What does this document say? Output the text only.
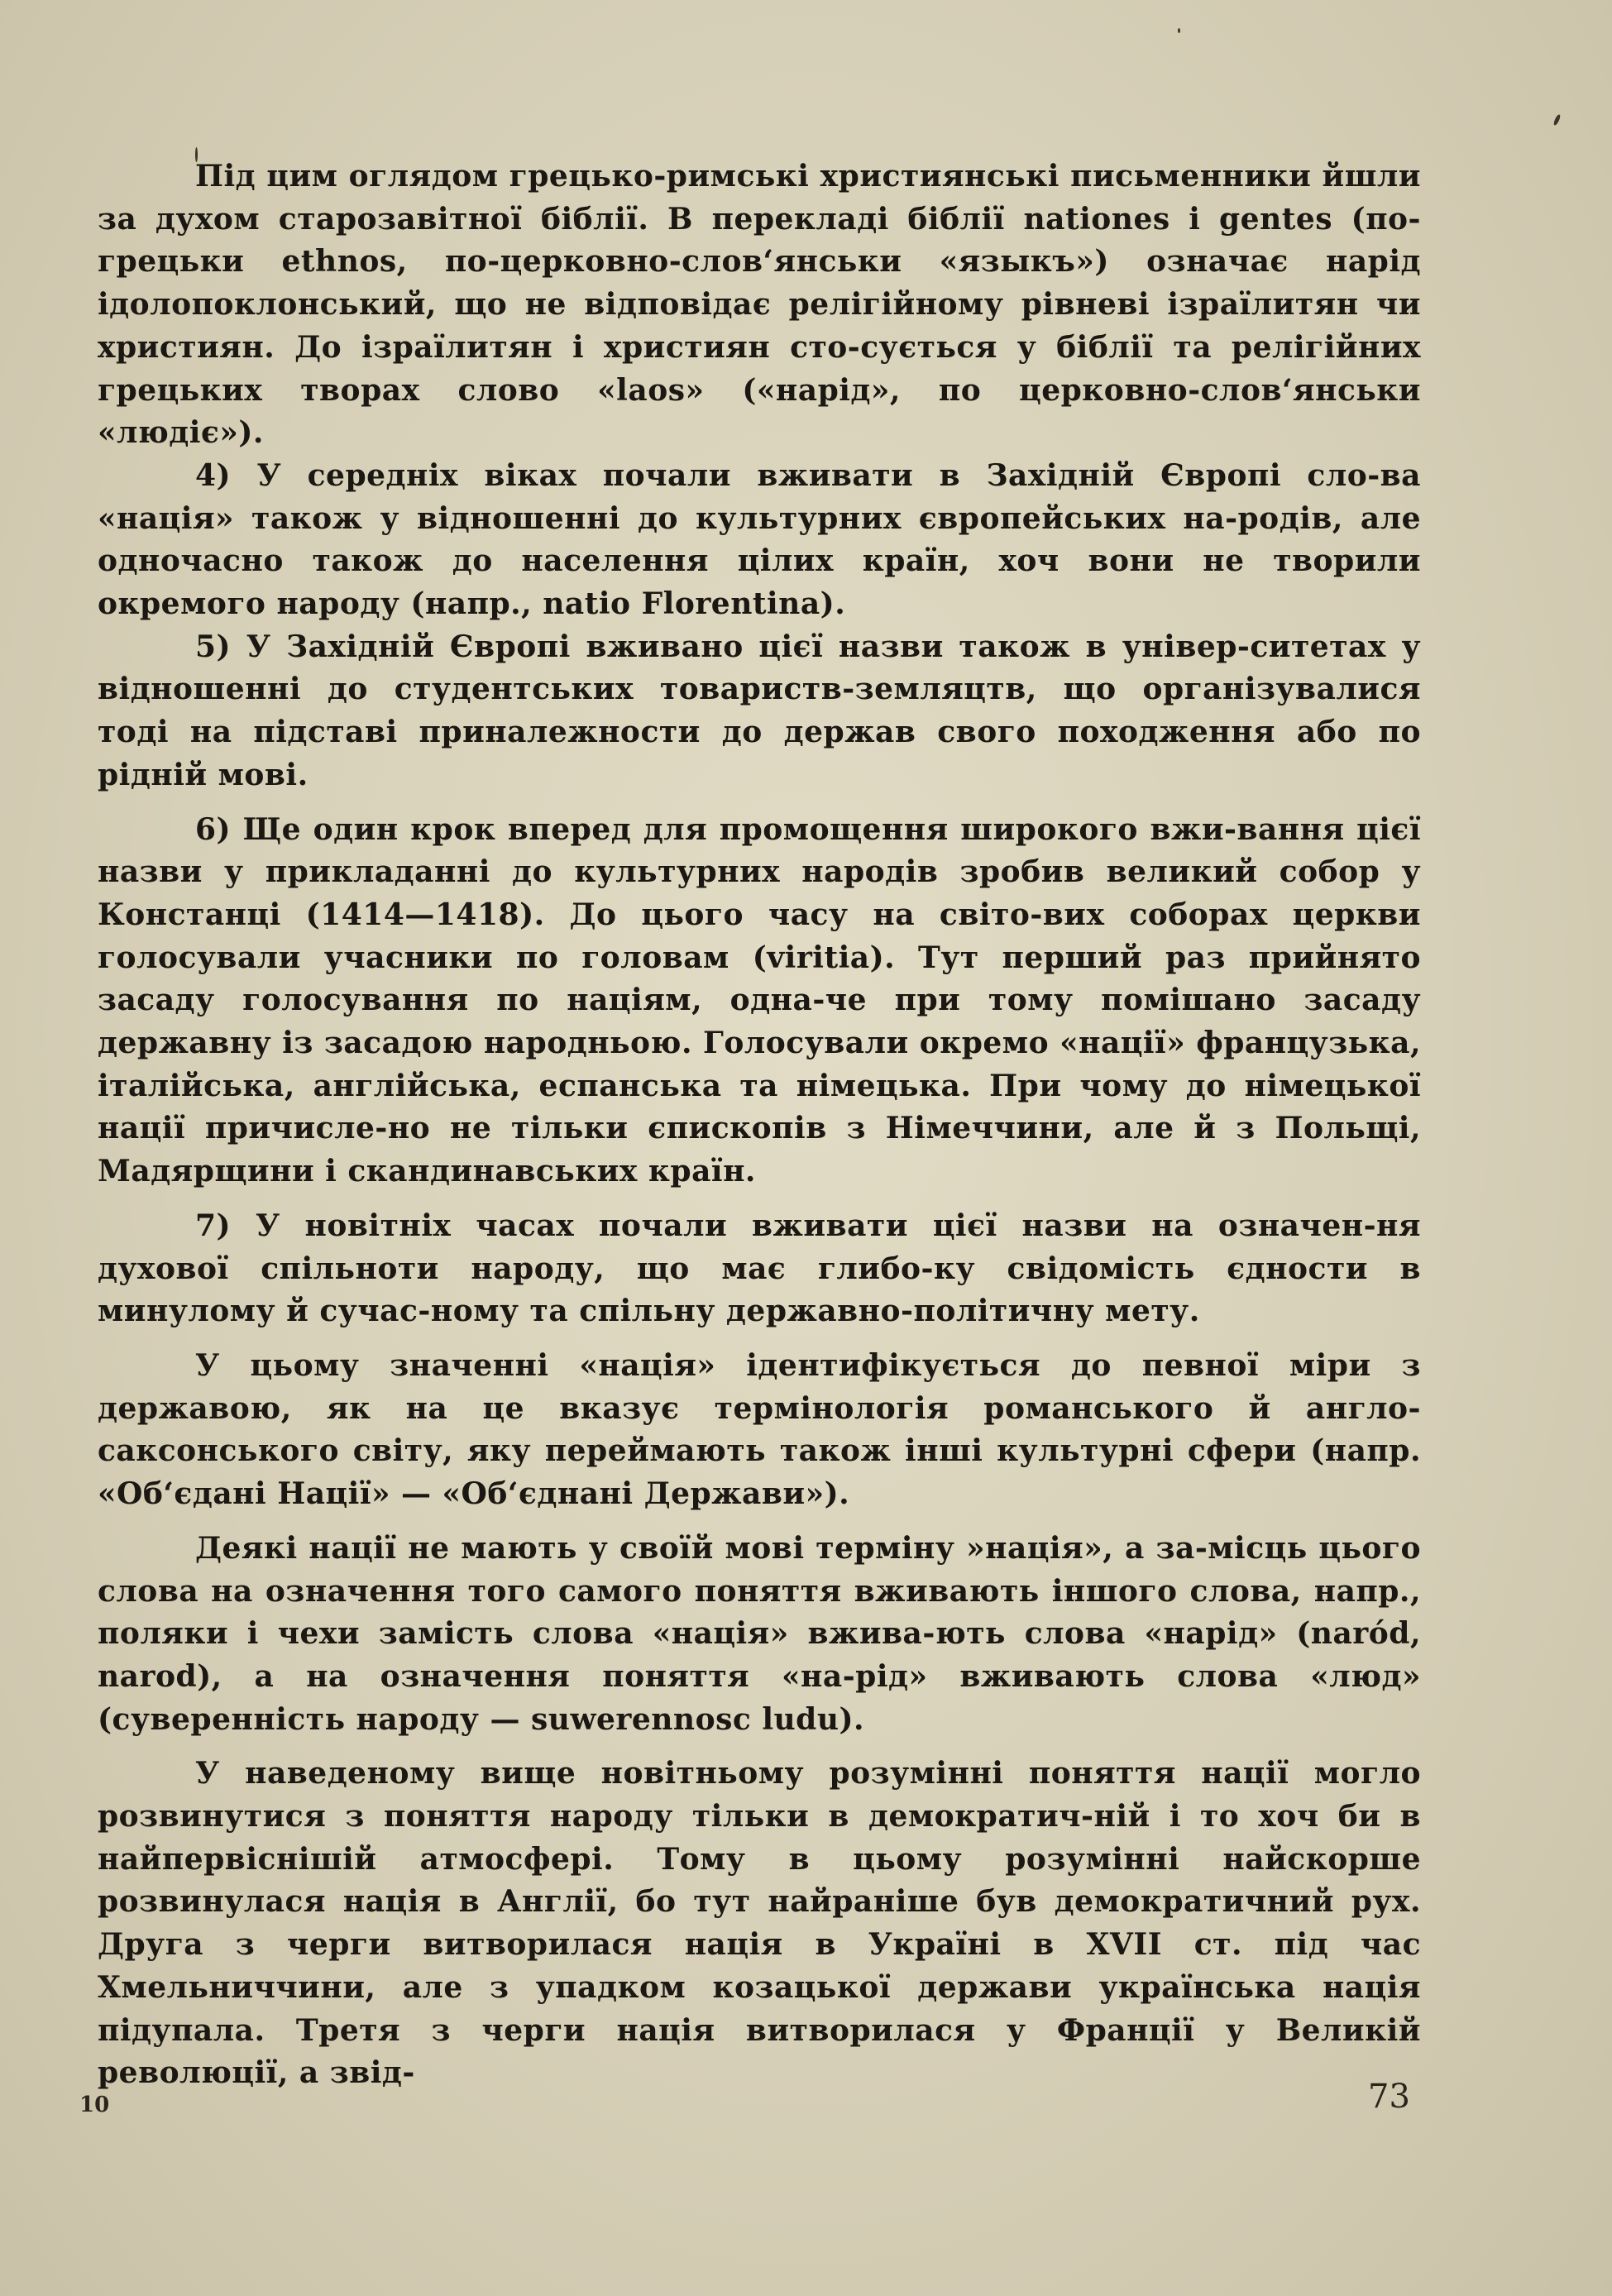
Під цим оглядом грецько-римські християнські письменники йшли за духом старозавітної біблії. В перекладі біблії nationes і gentes (по-грецьки ethnos, по-церковно-слов‘янськи «языкъ») означає нарід ідолопоклонський, що не відповідає релігійному рівневі ізраїлитян чи християн. До ізраїлитян і християн сто-сується у біблії та релігійних грецьких творах слово «laos» («нарід», по церковно-слов‘янськи «людіє»).

4) У середніх віках почали вживати в Західній Європі сло-ва «нація» також у відношенні до культурних європейських на-родів, але одночасно також до населення цілих країн, хоч вони не творили окремого народу (напр., natio Florentina).

5) У Західній Європі вживано цієї назви також в універ-ситетах у відношенні до студентських товариств-земляцтв, що організувалися тоді на підставі приналежности до держав свого походження або по рідній мові.

6) Ще один крок вперед для промощення широкого вжи-вання цієї назви у прикладанні до культурних народів зробив великий собор у Констанці (1414—1418). До цього часу на світо-вих соборах церкви голосували учасники по головам (viritia). Тут перший раз прийнято засаду голосування по націям, одна-че при тому помішано засаду державну із засадою народньою. Голосували окремо «нації» французька, італійська, англійська, еспанська та німецька. При чому до німецької нації причисле-но не тільки єпископів з Німеччини, але й з Польщі, Мадярщини і скандинавських країн.

7) У новітніх часах почали вживати цієї назви на означен-ня духової спільноти народу, що має глибо-ку свідомість єдности в минулому й сучас-ному та спільну державно-політичну мету.

У цьому значенні «нація» ідентифікується до певної міри з державою, як на це вказує термінологія романського й англо-саксонського світу, яку переймають також інші культурні сфери (напр. «Об‘єдані Нації» — «Об‘єднані Держави»).

Деякі нації не мають у своїй мові терміну »нація», а за-місць цього слова на означення того самого поняття вживають іншого слова, напр., поляки і чехи замість слова «нація» вжива-ють слова «нарід» (naród, narod), а на означення поняття «на-рід» вживають слова «люд» (суверенність народу — suwerennosc ludu).

У наведеному вище новітньому розумінні поняття нації могло розвинутися з поняття народу тільки в демократич-ній і то хоч би в найпервіснішій атмосфері. Тому в цьому розумінні найскорше розвинулася нація в Англії, бо тут найраніше був демократичний рух. Друга з черги витворилася нація в Україні в XVII ст. під час Хмельниччини, але з упадком козацької держави українська нація підупала. Третя з черги нація витворилася у Франції у Великій революції, а звід-

10	73
